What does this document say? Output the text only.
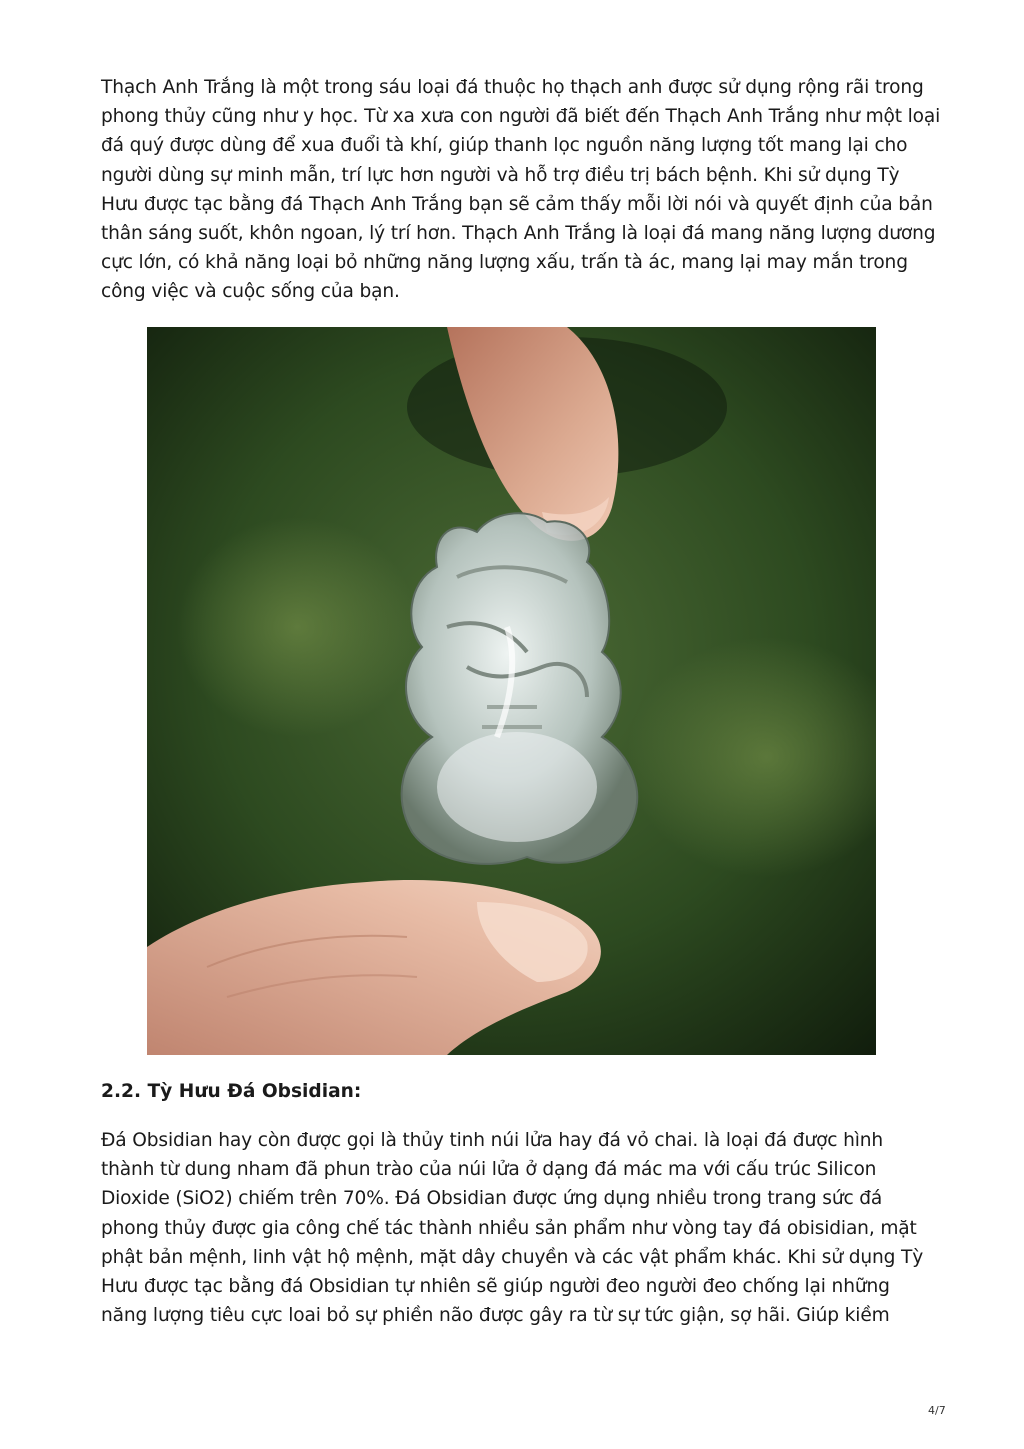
Thạch Anh Trắng là một trong sáu loại đá thuộc họ thạch anh được sử dụng rộng rãi trong phong thủy cũng như y học. Từ xa xưa con người đã biết đến Thạch Anh Trắng như một loại đá quý được dùng để xua đuổi tà khí, giúp thanh lọc nguồn năng lượng tốt mang lại cho người dùng sự minh mẫn, trí lực hơn người và hỗ trợ điều trị bách bệnh. Khi sử dụng Tỳ Hưu được tạc bằng đá Thạch Anh Trắng bạn sẽ cảm thấy mỗi lời nói và quyết định của bản thân sáng suốt, khôn ngoan, lý trí hơn. Thạch Anh Trắng là loại đá mang năng lượng dương cực lớn, có khả năng loại bỏ những năng lượng xấu, trấn tà ác, mang lại may mắn trong công việc và cuộc sống của bạn.

2.2. Tỳ Hưu Đá Obsidian:

Đá Obsidian hay còn được gọi là thủy tinh núi lửa hay đá vỏ chai. là loại đá được hình thành từ dung nham đã phun trào của núi lửa ở dạng đá mác ma với cấu trúc Silicon Dioxide (SiO2) chiếm trên 70%. Đá Obsidian được ứng dụng nhiều trong trang sức đá phong thủy được gia công chế tác thành nhiều sản phẩm như vòng tay đá obisidian, mặt phật bản mệnh, linh vật hộ mệnh, mặt dây chuyền và các vật phẩm khác. Khi sử dụng Tỳ Hưu được tạc bằng đá Obsidian tự nhiên sẽ giúp người đeo người đeo chống lại những năng lượng tiêu cực loai bỏ sự phiền não được gây ra từ sự tức giận, sợ hãi. Giúp kiềm

4/7
